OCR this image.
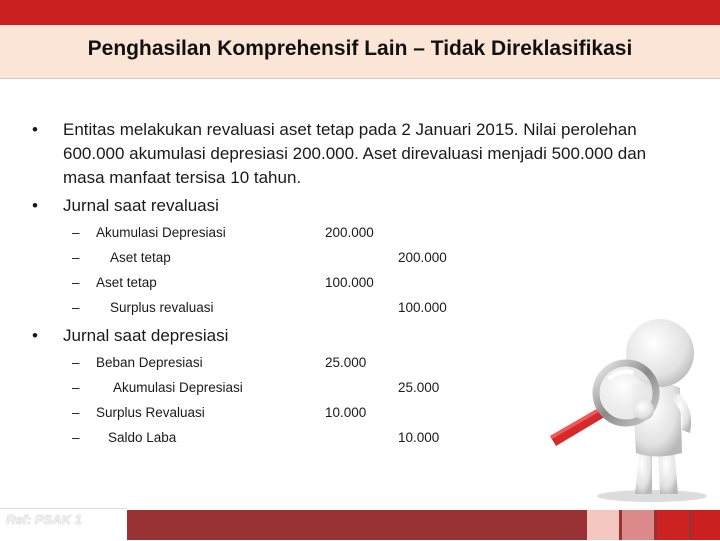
Penghasilan Komprehensif Lain – Tidak Direklasifikasi
• Entitas melakukan revaluasi aset tetap pada 2 Januari 2015. Nilai perolehan 600.000 akumulasi depresiasi 200.000. Aset direvaluasi menjadi 500.000 dan masa manfaat tersisa 10 tahun.
• Jurnal saat revaluasi
• Jurnal saat depresiasi
– Akumulasi Depresiasi	200.000
– Aset tetap	200.000
– Aset tetap	100.000
– Surplus revaluasi	100.000
– Beban Depresiasi	25.000
– Akumulasi Depresiasi	25.000
– Surplus Revaluasi	10.000
– Saldo Laba	10.000
Ref: PSAK 1
